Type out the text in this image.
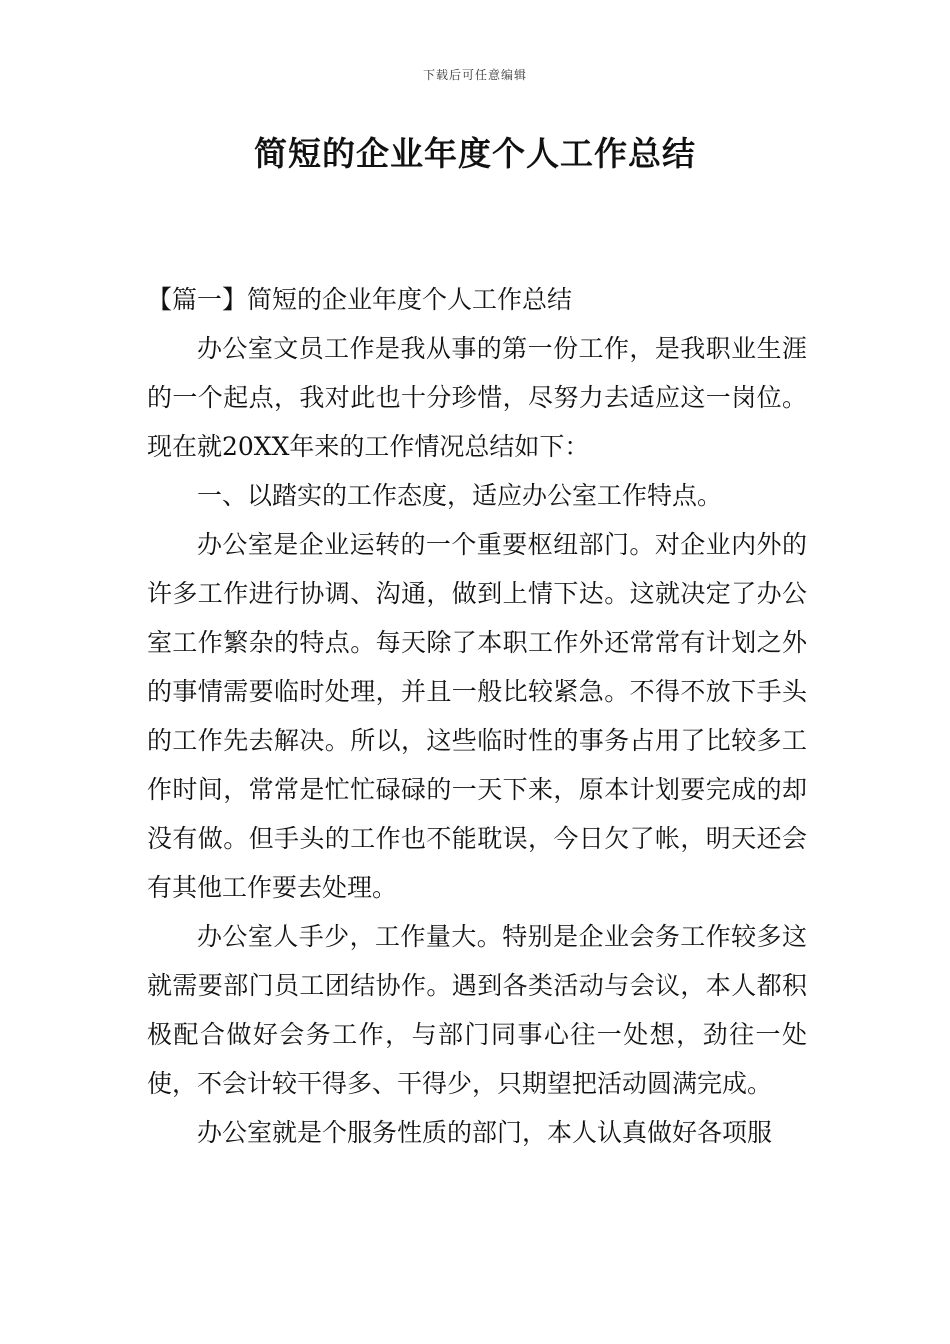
下载后可任意编辑
简短的企业年度个人工作总结
【篇一】简短的企业年度个人工作总结

办公室文员工作是我从事的第一份工作，是我职业生涯的一个起点，我对此也十分珍惜，尽努力去适应这一岗位。现在就20XX年来的工作情况总结如下：

一、以踏实的工作态度，适应办公室工作特点。

办公室是企业运转的一个重要枢纽部门。对企业内外的许多工作进行协调、沟通，做到上情下达。这就决定了办公室工作繁杂的特点。每天除了本职工作外还常常有计划之外的事情需要临时处理，并且一般比较紧急。不得不放下手头的工作先去解决。所以，这些临时性的事务占用了比较多工作时间，常常是忙忙碌碌的一天下来，原本计划要完成的却没有做。但手头的工作也不能耽误，今日欠了帐，明天还会有其他工作要去处理。

办公室人手少，工作量大。特别是企业会务工作较多这就需要部门员工团结协作。遇到各类活动与会议，本人都积极配合做好会务工作，与部门同事心往一处想，劲往一处使，不会计较干得多、干得少，只期望把活动圆满完成。

办公室就是个服务性质的部门，本人认真做好各项服
